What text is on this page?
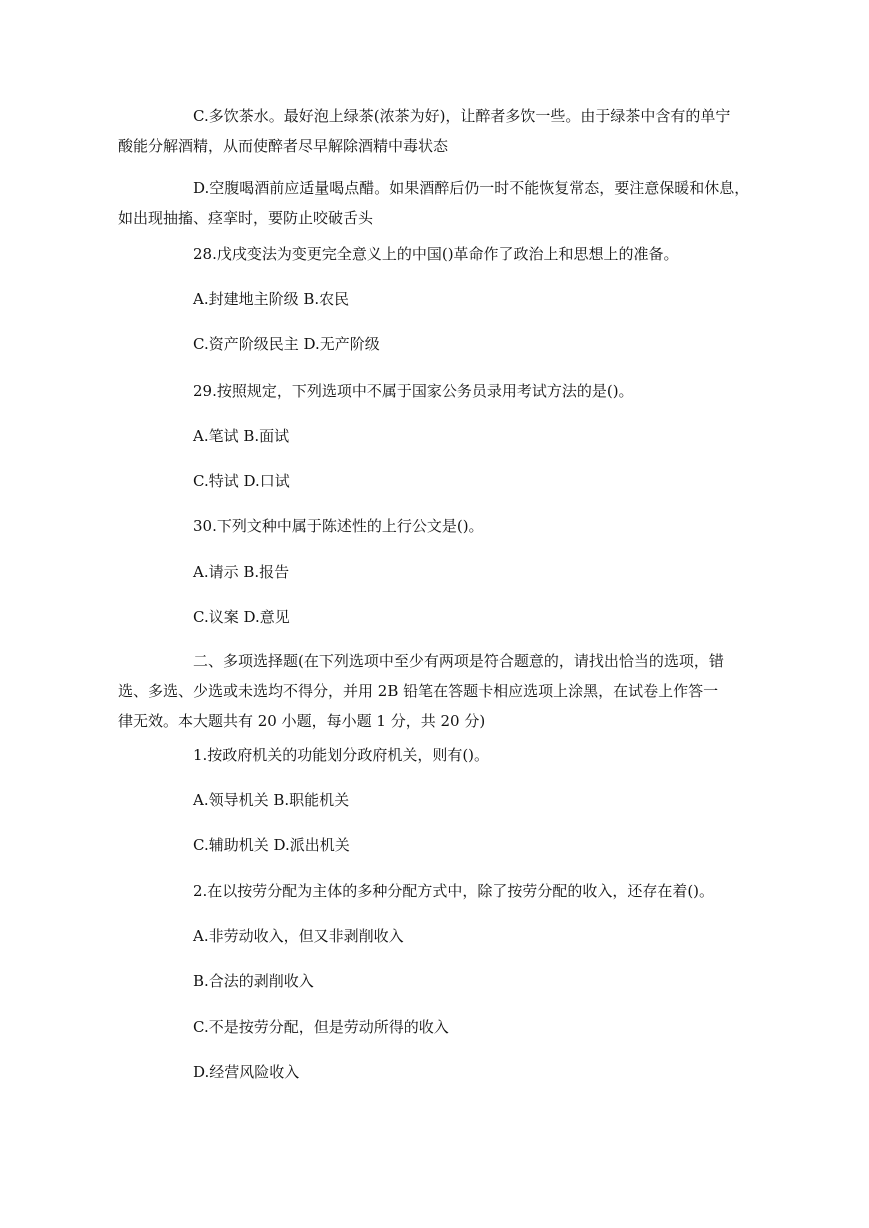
C.多饮茶水。最好泡上绿茶(浓茶为好)，让醉者多饮一些。由于绿茶中含有的单宁
酸能分解酒精，从而使醉者尽早解除酒精中毒状态

D.空腹喝酒前应适量喝点醋。如果酒醉后仍一时不能恢复常态，要注意保暖和休息，
如出现抽搐、痉挛时，要防止咬破舌头

28.戊戌变法为变更完全意义上的中国()革命作了政治上和思想上的准备。

A.封建地主阶级 B.农民

C.资产阶级民主 D.无产阶级

29.按照规定，下列选项中不属于国家公务员录用考试方法的是()。

A.笔试 B.面试

C.特试 D.口试

30.下列文种中属于陈述性的上行公文是()。

A.请示 B.报告

C.议案 D.意见

二、多项选择题(在下列选项中至少有两项是符合题意的，请找出恰当的选项，错
选、多选、少选或未选均不得分，并用 2B 铅笔在答题卡相应选项上涂黑，在试卷上作答一
律无效。本大题共有 20 小题，每小题 1 分，共 20 分)

1.按政府机关的功能划分政府机关，则有()。

A.领导机关 B.职能机关

C.辅助机关 D.派出机关

2.在以按劳分配为主体的多种分配方式中，除了按劳分配的收入，还存在着()。

A.非劳动收入，但又非剥削收入

B.合法的剥削收入

C.不是按劳分配，但是劳动所得的收入

D.经营风险收入
